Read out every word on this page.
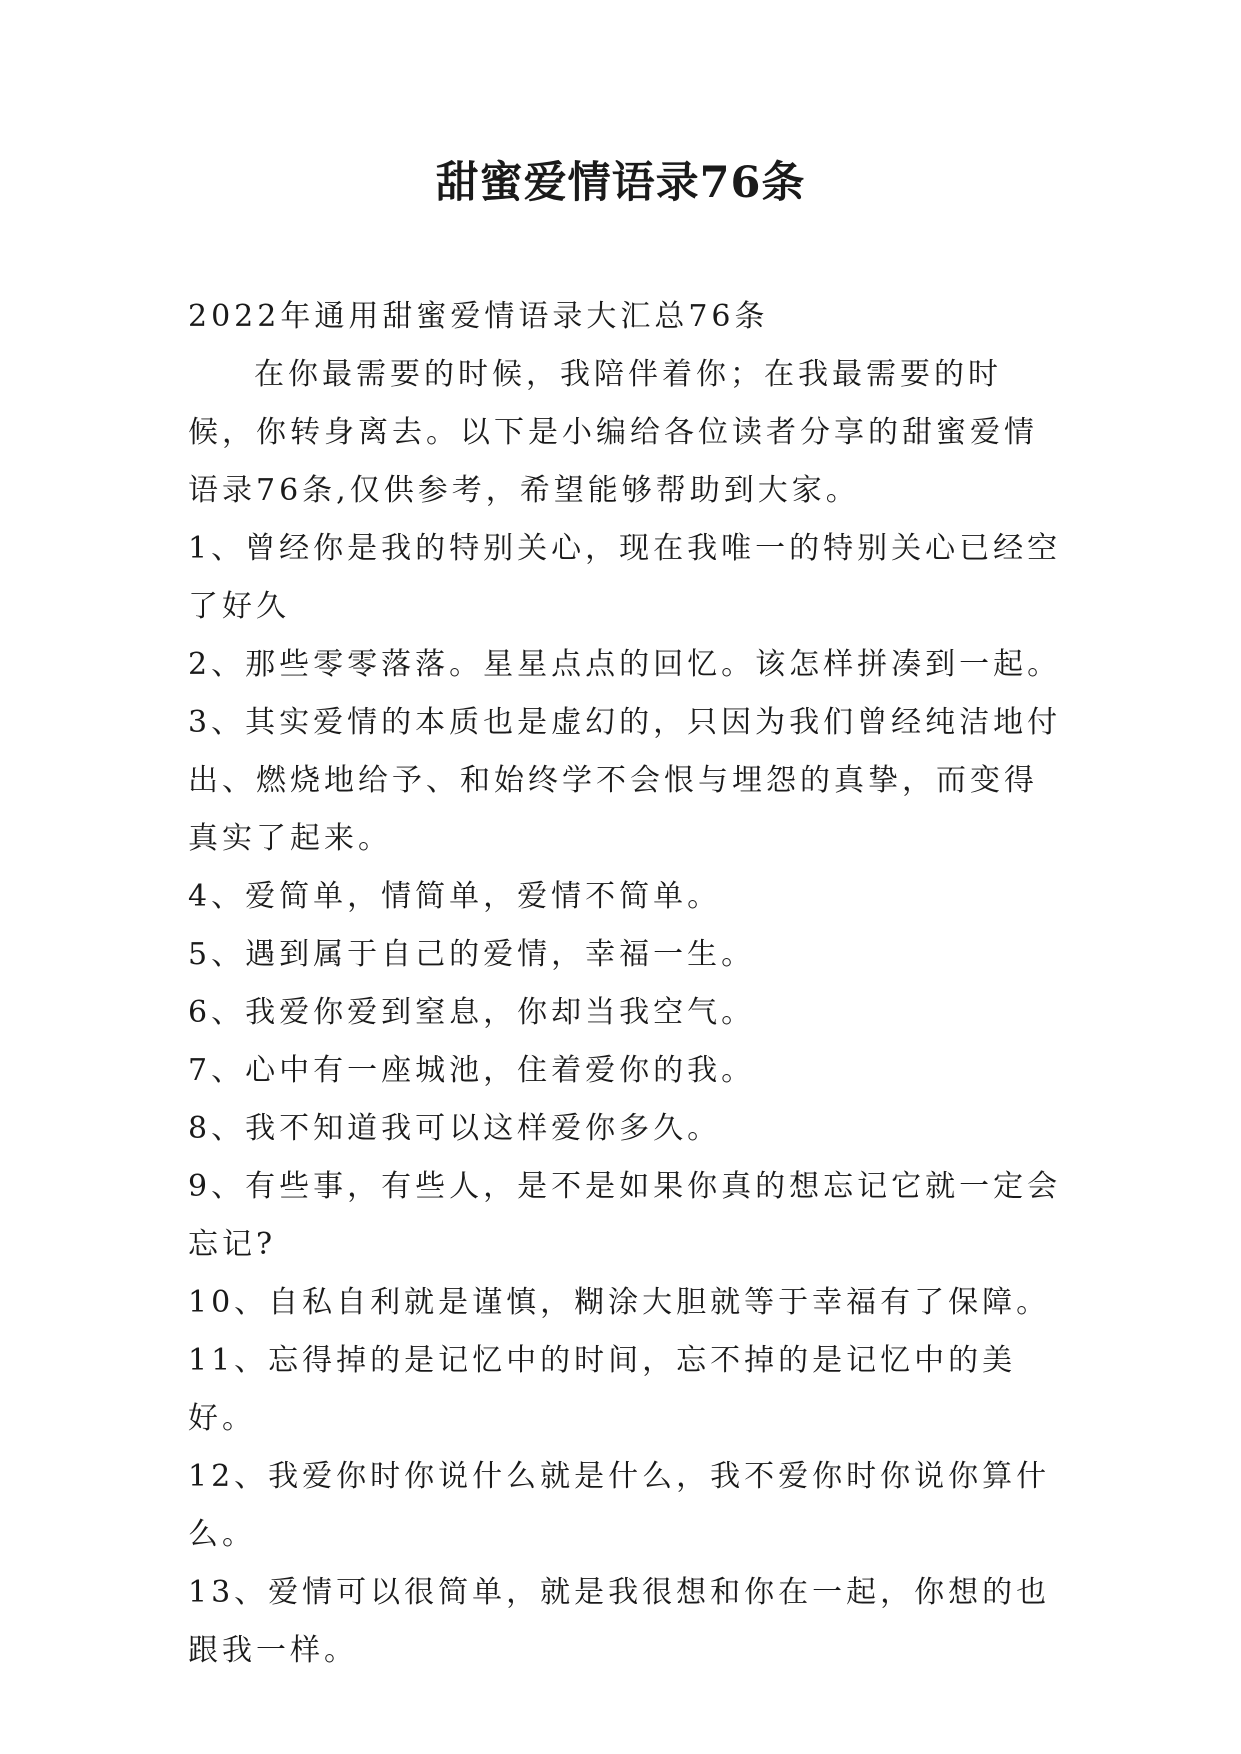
甜蜜爱情语录76条

2022年通用甜蜜爱情语录大汇总76条

在你最需要的时候，我陪伴着你；在我最需要的时候，你转身离去。以下是小编给各位读者分享的甜蜜爱情语录76条,仅供参考，希望能够帮助到大家。

1、曾经你是我的特别关心，现在我唯一的特别关心已经空了好久

2、那些零零落落。星星点点的回忆。该怎样拼凑到一起。

3、其实爱情的本质也是虚幻的，只因为我们曾经纯洁地付出、燃烧地给予、和始终学不会恨与埋怨的真挚，而变得真实了起来。

4、爱简单，情简单，爱情不简单。

5、遇到属于自己的爱情，幸福一生。

6、我爱你爱到窒息，你却当我空气。

7、心中有一座城池，住着爱你的我。

8、我不知道我可以这样爱你多久。

9、有些事，有些人，是不是如果你真的想忘记它就一定会忘记?

10、自私自利就是谨慎，糊涂大胆就等于幸福有了保障。

11、忘得掉的是记忆中的时间，忘不掉的是记忆中的美好。

12、我爱你时你说什么就是什么，我不爱你时你说你算什么。

13、爱情可以很简单，就是我很想和你在一起，你想的也跟我一样。
